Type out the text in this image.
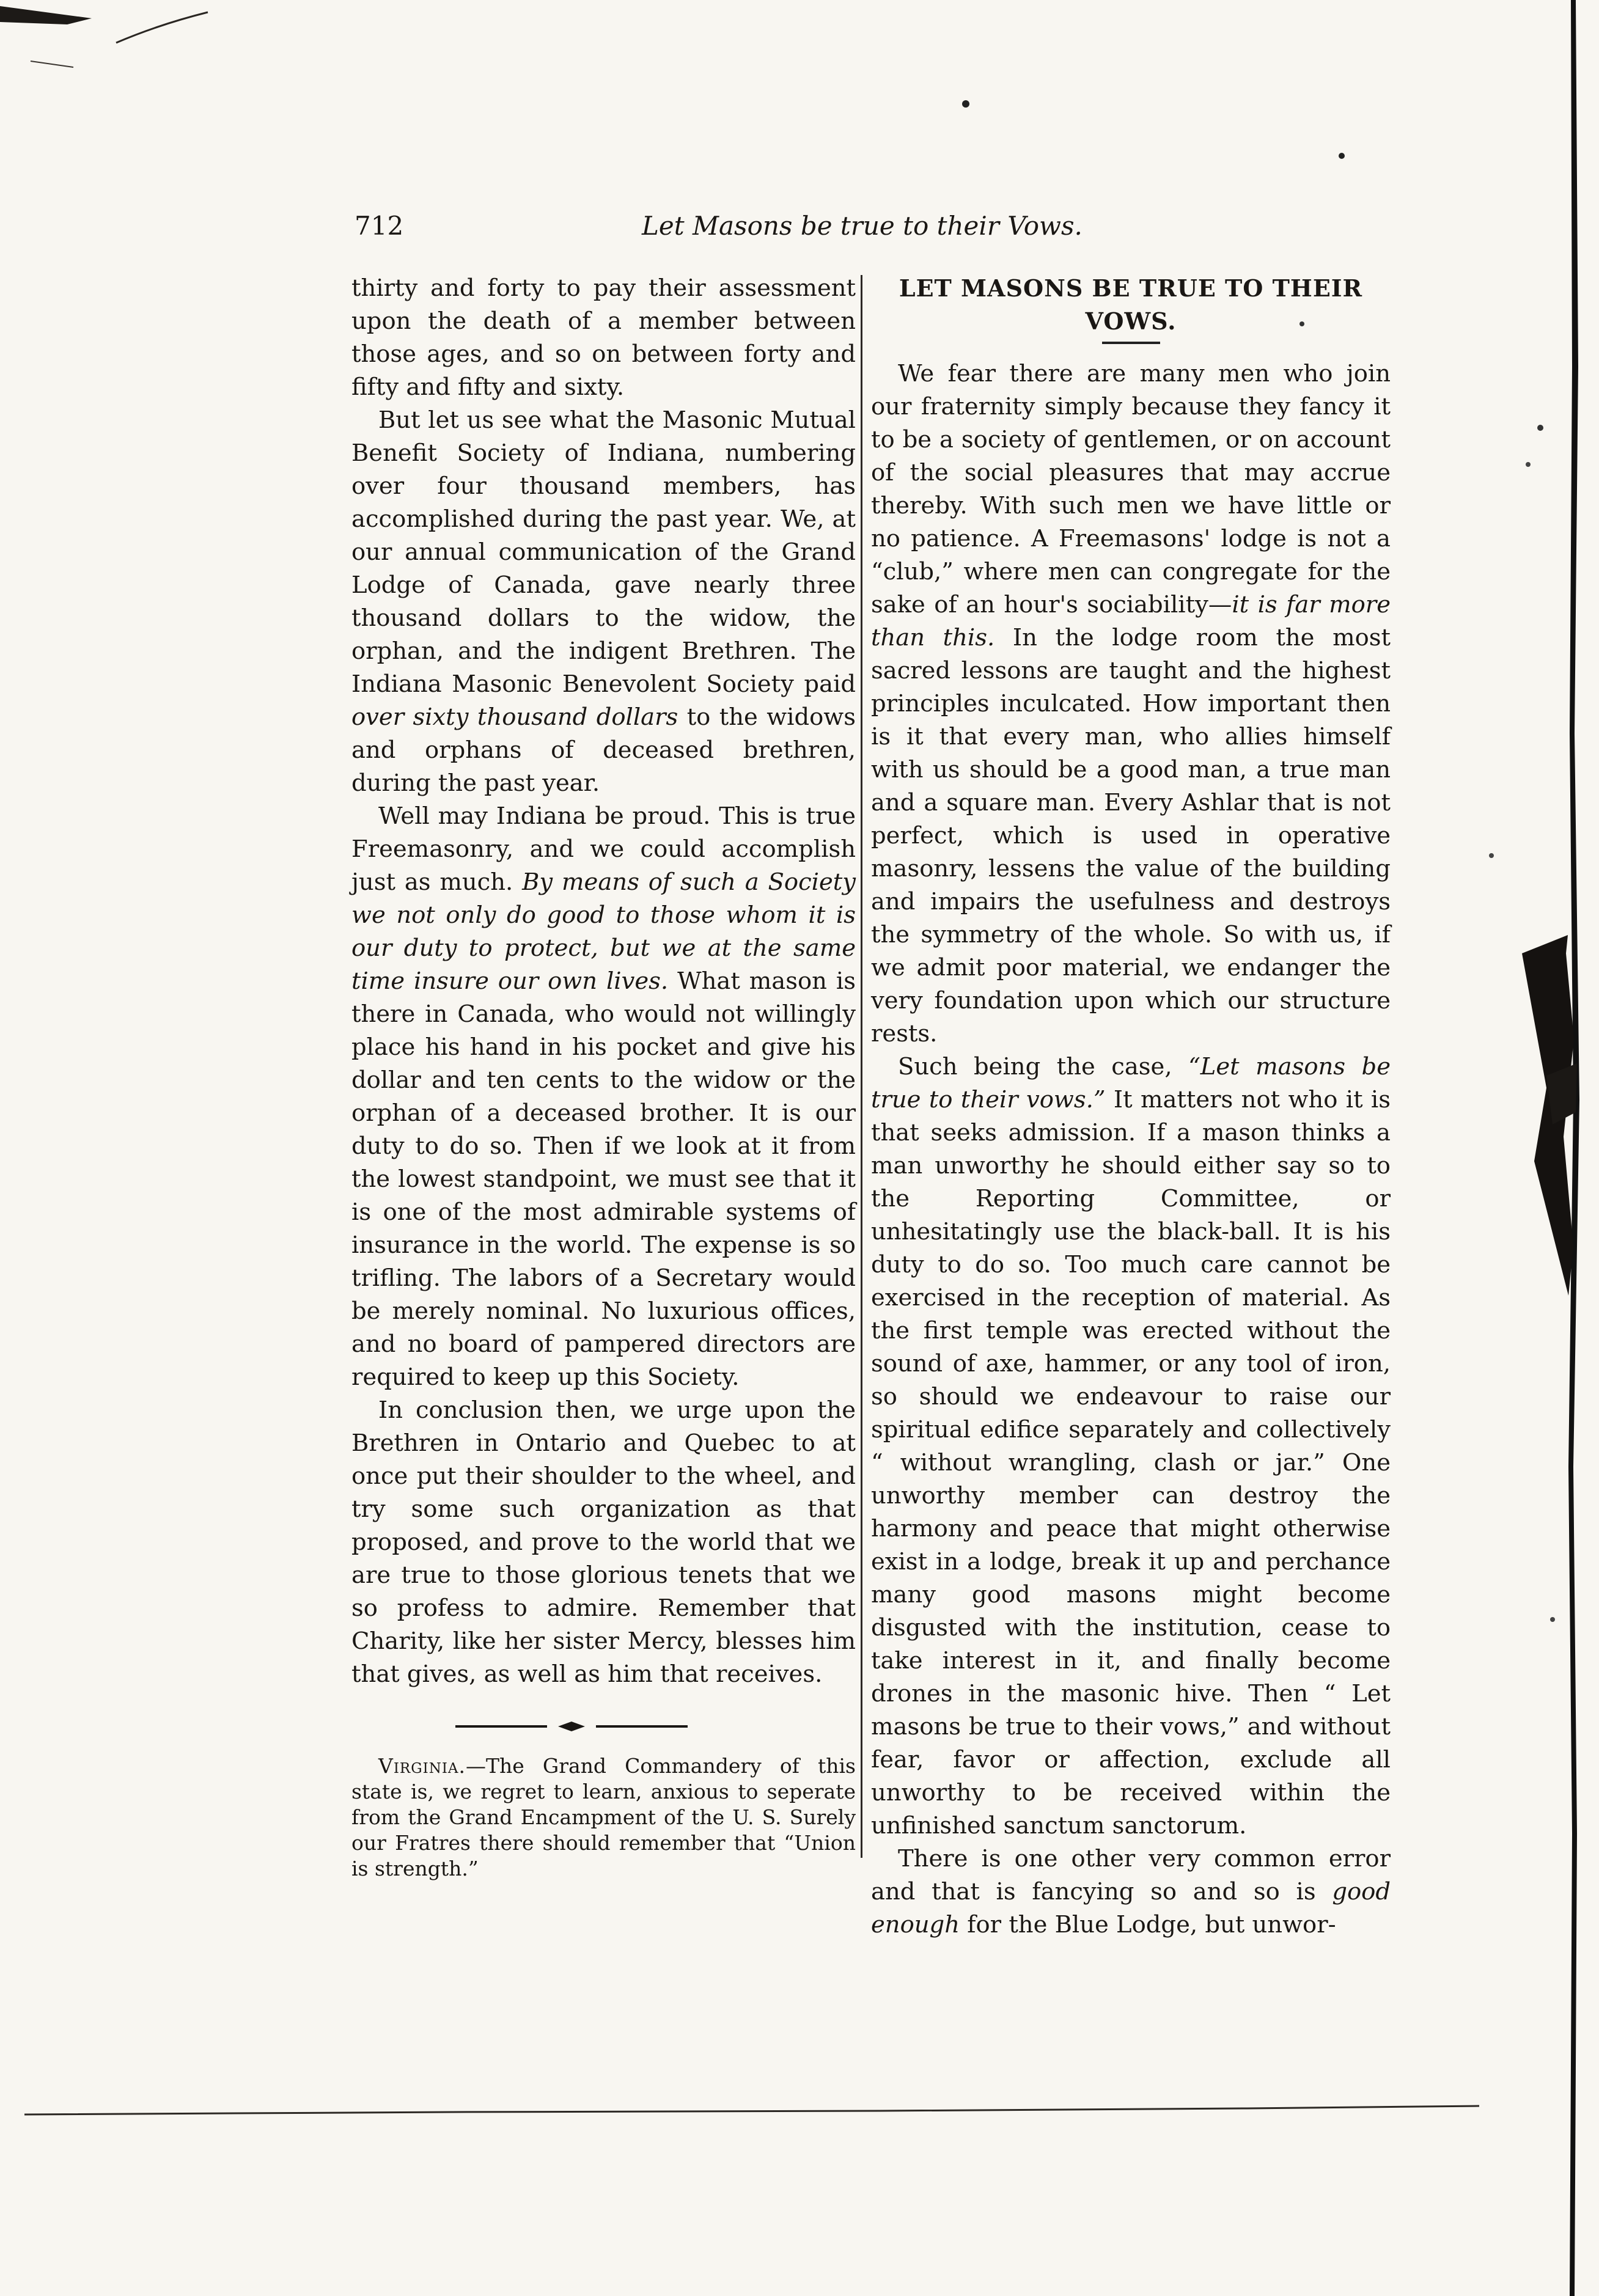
712	Let Masons be true to their Vows.

thirty and forty to pay their assessment upon the death of a member between those ages, and so on between forty and fifty and fifty and sixty.

But let us see what the Masonic Mutual Benefit Society of Indiana, numbering over four thousand members, has accomplished during the past year. We, at our annual communication of the Grand Lodge of Canada, gave nearly three thousand dollars to the widow, the orphan, and the indigent Brethren. The Indiana Masonic Benevolent Society paid over sixty thousand dollars to the widows and orphans of deceased brethren, during the past year.

Well may Indiana be proud. This is true Freemasonry, and we could accomplish just as much. By means of such a Society we not only do good to those whom it is our duty to protect, but we at the same time insure our own lives. What mason is there in Canada, who would not willingly place his hand in his pocket and give his dollar and ten cents to the widow or the orphan of a deceased brother. It is our duty to do so. Then if we look at it from the lowest standpoint, we must see that it is one of the most admirable systems of insurance in the world. The expense is so trifling. The labors of a Secretary would be merely nominal. No luxurious offices, and no board of pampered directors are required to keep up this Society.

In conclusion then, we urge upon the Brethren in Ontario and Quebec to at once put their shoulder to the wheel, and try some such organization as that proposed, and prove to the world that we are true to those glorious tenets that we so profess to admire. Remember that Charity, like her sister Mercy, blesses him that gives, as well as him that receives.

Virginia.—The Grand Commandery of this state is, we regret to learn, anxious to seperate from the Grand Encampment of the U. S. Surely our Fratres there should remember that “Union is strength.”

LET MASONS BE TRUE TO THEIR VOWS.

We fear there are many men who join our fraternity simply because they fancy it to be a society of gentlemen, or on account of the social pleasures that may accrue thereby. With such men we have little or no patience. A Freemasons' lodge is not a “club,” where men can congregate for the sake of an hour's sociability—it is far more than this. In the lodge room the most sacred lessons are taught and the highest principles inculcated. How important then is it that every man, who allies himself with us should be a good man, a true man and a square man. Every Ashlar that is not perfect, which is used in operative masonry, lessens the value of the building and impairs the usefulness and destroys the symmetry of the whole. So with us, if we admit poor material, we endanger the very foundation upon which our structure rests.

Such being the case, “Let masons be true to their vows.” It matters not who it is that seeks admission. If a mason thinks a man unworthy he should either say so to the Reporting Committee, or unhesitatingly use the black-ball. It is his duty to do so. Too much care cannot be exercised in the reception of material. As the first temple was erected without the sound of axe, hammer, or any tool of iron, so should we endeavour to raise our spiritual edifice separately and collectively “ without wrangling, clash or jar.” One unworthy member can destroy the harmony and peace that might otherwise exist in a lodge, break it up and perchance many good masons might become disgusted with the institution, cease to take interest in it, and finally become drones in the masonic hive. Then “ Let masons be true to their vows,” and without fear, favor or affection, exclude all unworthy to be received within the unfinished sanctum sanctorum.

There is one other very common error and that is fancying so and so is good enough for the Blue Lodge, but unwor-
